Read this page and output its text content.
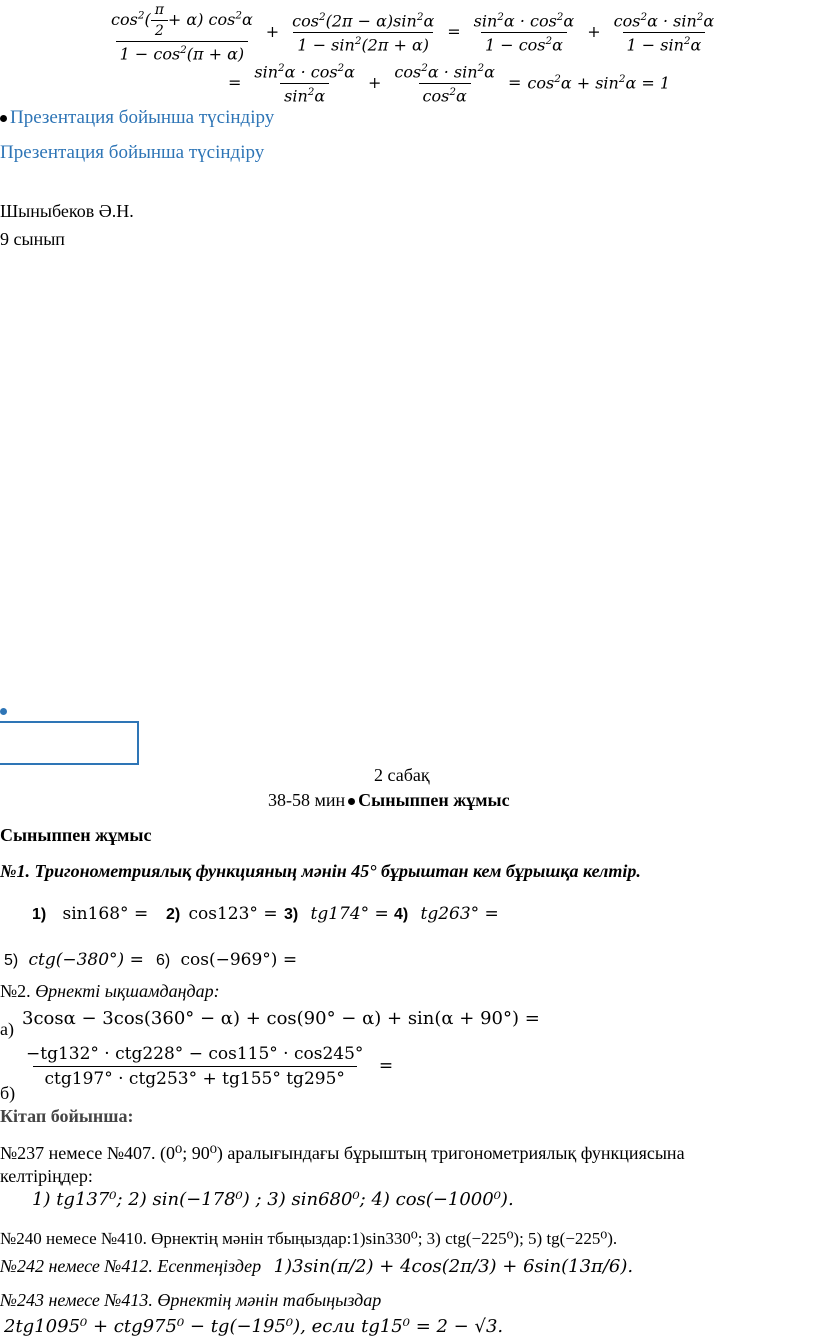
$\frac{\cos^2( \frac{\pi}{2} + \alpha) \cos^2\alpha}{1 - \cos^2(\pi + \alpha)} + \frac{\cos^2(2\pi - \alpha)\sin^2\alpha}{1 - \sin^2(2\pi + \alpha)} = \frac{\sin^2\alpha \cdot \cos^2\alpha}{1 - \cos^2\alpha} + \frac{\cos^2\alpha \cdot \sin^2\alpha}{1 - \sin^2\alpha}$
= $\frac{\sin^2\alpha \cdot \cos^2\alpha}{\sin^2\alpha} + \frac{\cos^2\alpha \cdot \sin^2\alpha}{\cos^2\alpha} = \cos^2\alpha + \sin^2\alpha = 1$
Презентация бойынша түсіндіру
Презентация бойынша түсіндіру
Шыныбеков Ә.Н.
9 сынып
2 сабақ
38-58 мин Сыныппен жұмыс
Сыныппен жұмыс
№1. Тригонометриялық функцияның мәнін 45° бұрыштан кем бұрышқа келтір.
1) sin168° = 2) cos123° = 3) tg174° = 4) tg263° =
5) ctg(−380°) = 6) cos(−969°) =
№2. Өрнекті ықшамдаңдар:
а) 3cosα − 3cos(360° − α) + cos(90° − α) + sin(α + 90°) =
б)
$\frac{\text{−tg132° · ctg228° − cos115° · cos245°}}{\text{ctg197° · ctg253° + tg155° tg295°}}$ =
Кітап бойынша:
№237 немесе №407. (0⁰; 90⁰) аралығындағы бұрыштың тригонометриялық функциясына
келтіріңдер:
1) tg137⁰; 2) sin(−178⁰) ; 3) sin680⁰; 4) cos(−1000⁰).
№240 немесе №410. Өрнектің мәнін тбыңыздар:1)sin330⁰; 3) ctg(−225⁰); 5) tg(−225⁰).
№242 немесе №412. Есептеңіздер 1)3sin(π/2) + 4cos(2π/3) + 6sin(13π/6).
№243 немесе №413. Өрнектің мәнін табыңыздар
2tg1095⁰ + ctg975⁰ − tg(−195⁰), если tg15⁰ = 2 − √3.
